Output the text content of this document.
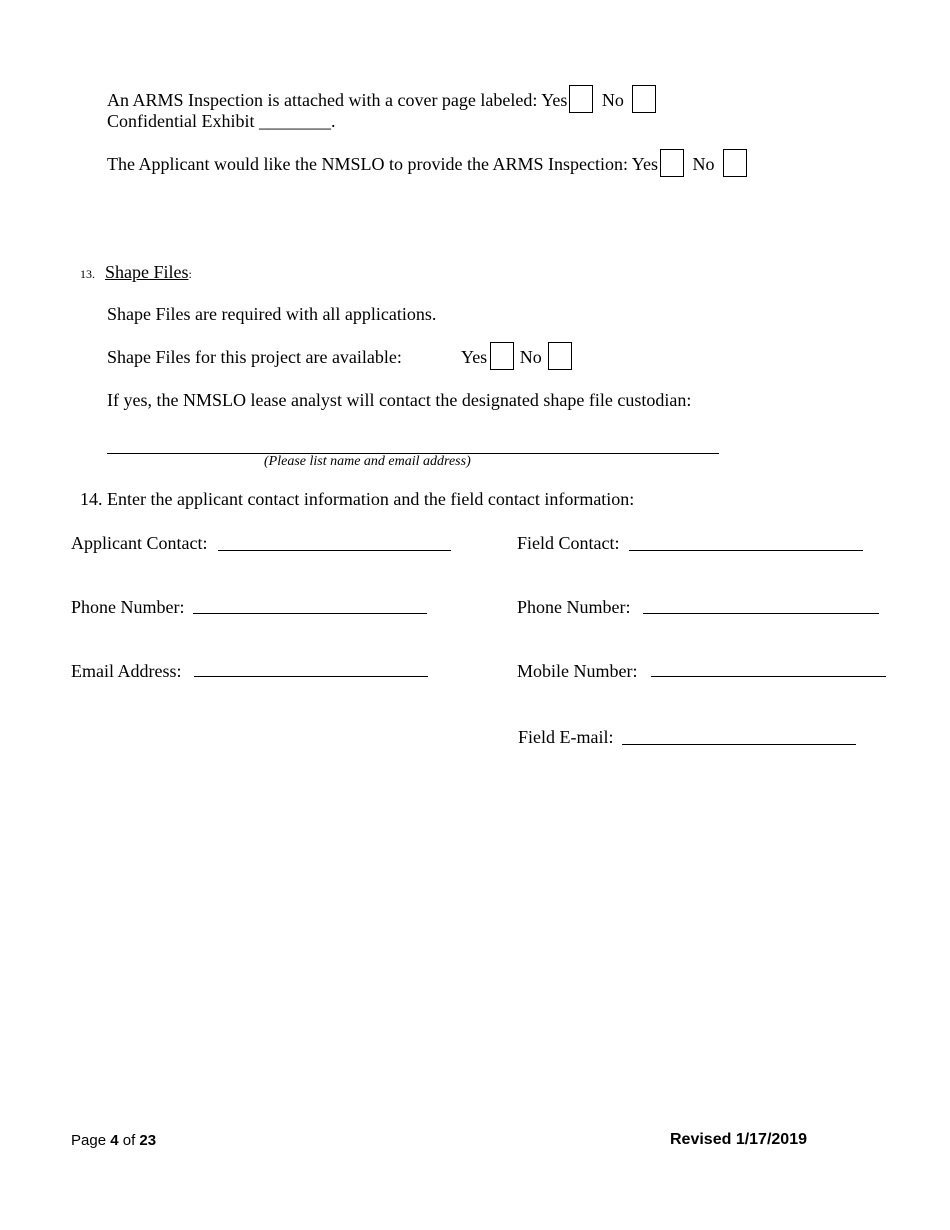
An ARMS Inspection is attached with a cover page labeled: Yes No
Confidential Exhibit ________.
The Applicant would like the NMSLO to provide the ARMS Inspection: Yes No
13. Shape Files:
Shape Files are required with all applications.
Shape Files for this project are available:	Yes No
If yes, the NMSLO lease analyst will contact the designated shape file custodian:
(Please list name and email address)
14. Enter the applicant contact information and the field contact information:
Applicant Contact:
Phone Number:
Email Address:
Field Contact:
Phone Number:
Mobile Number:
Field E-mail:
Page 4 of 23	Revised 1/17/2019
